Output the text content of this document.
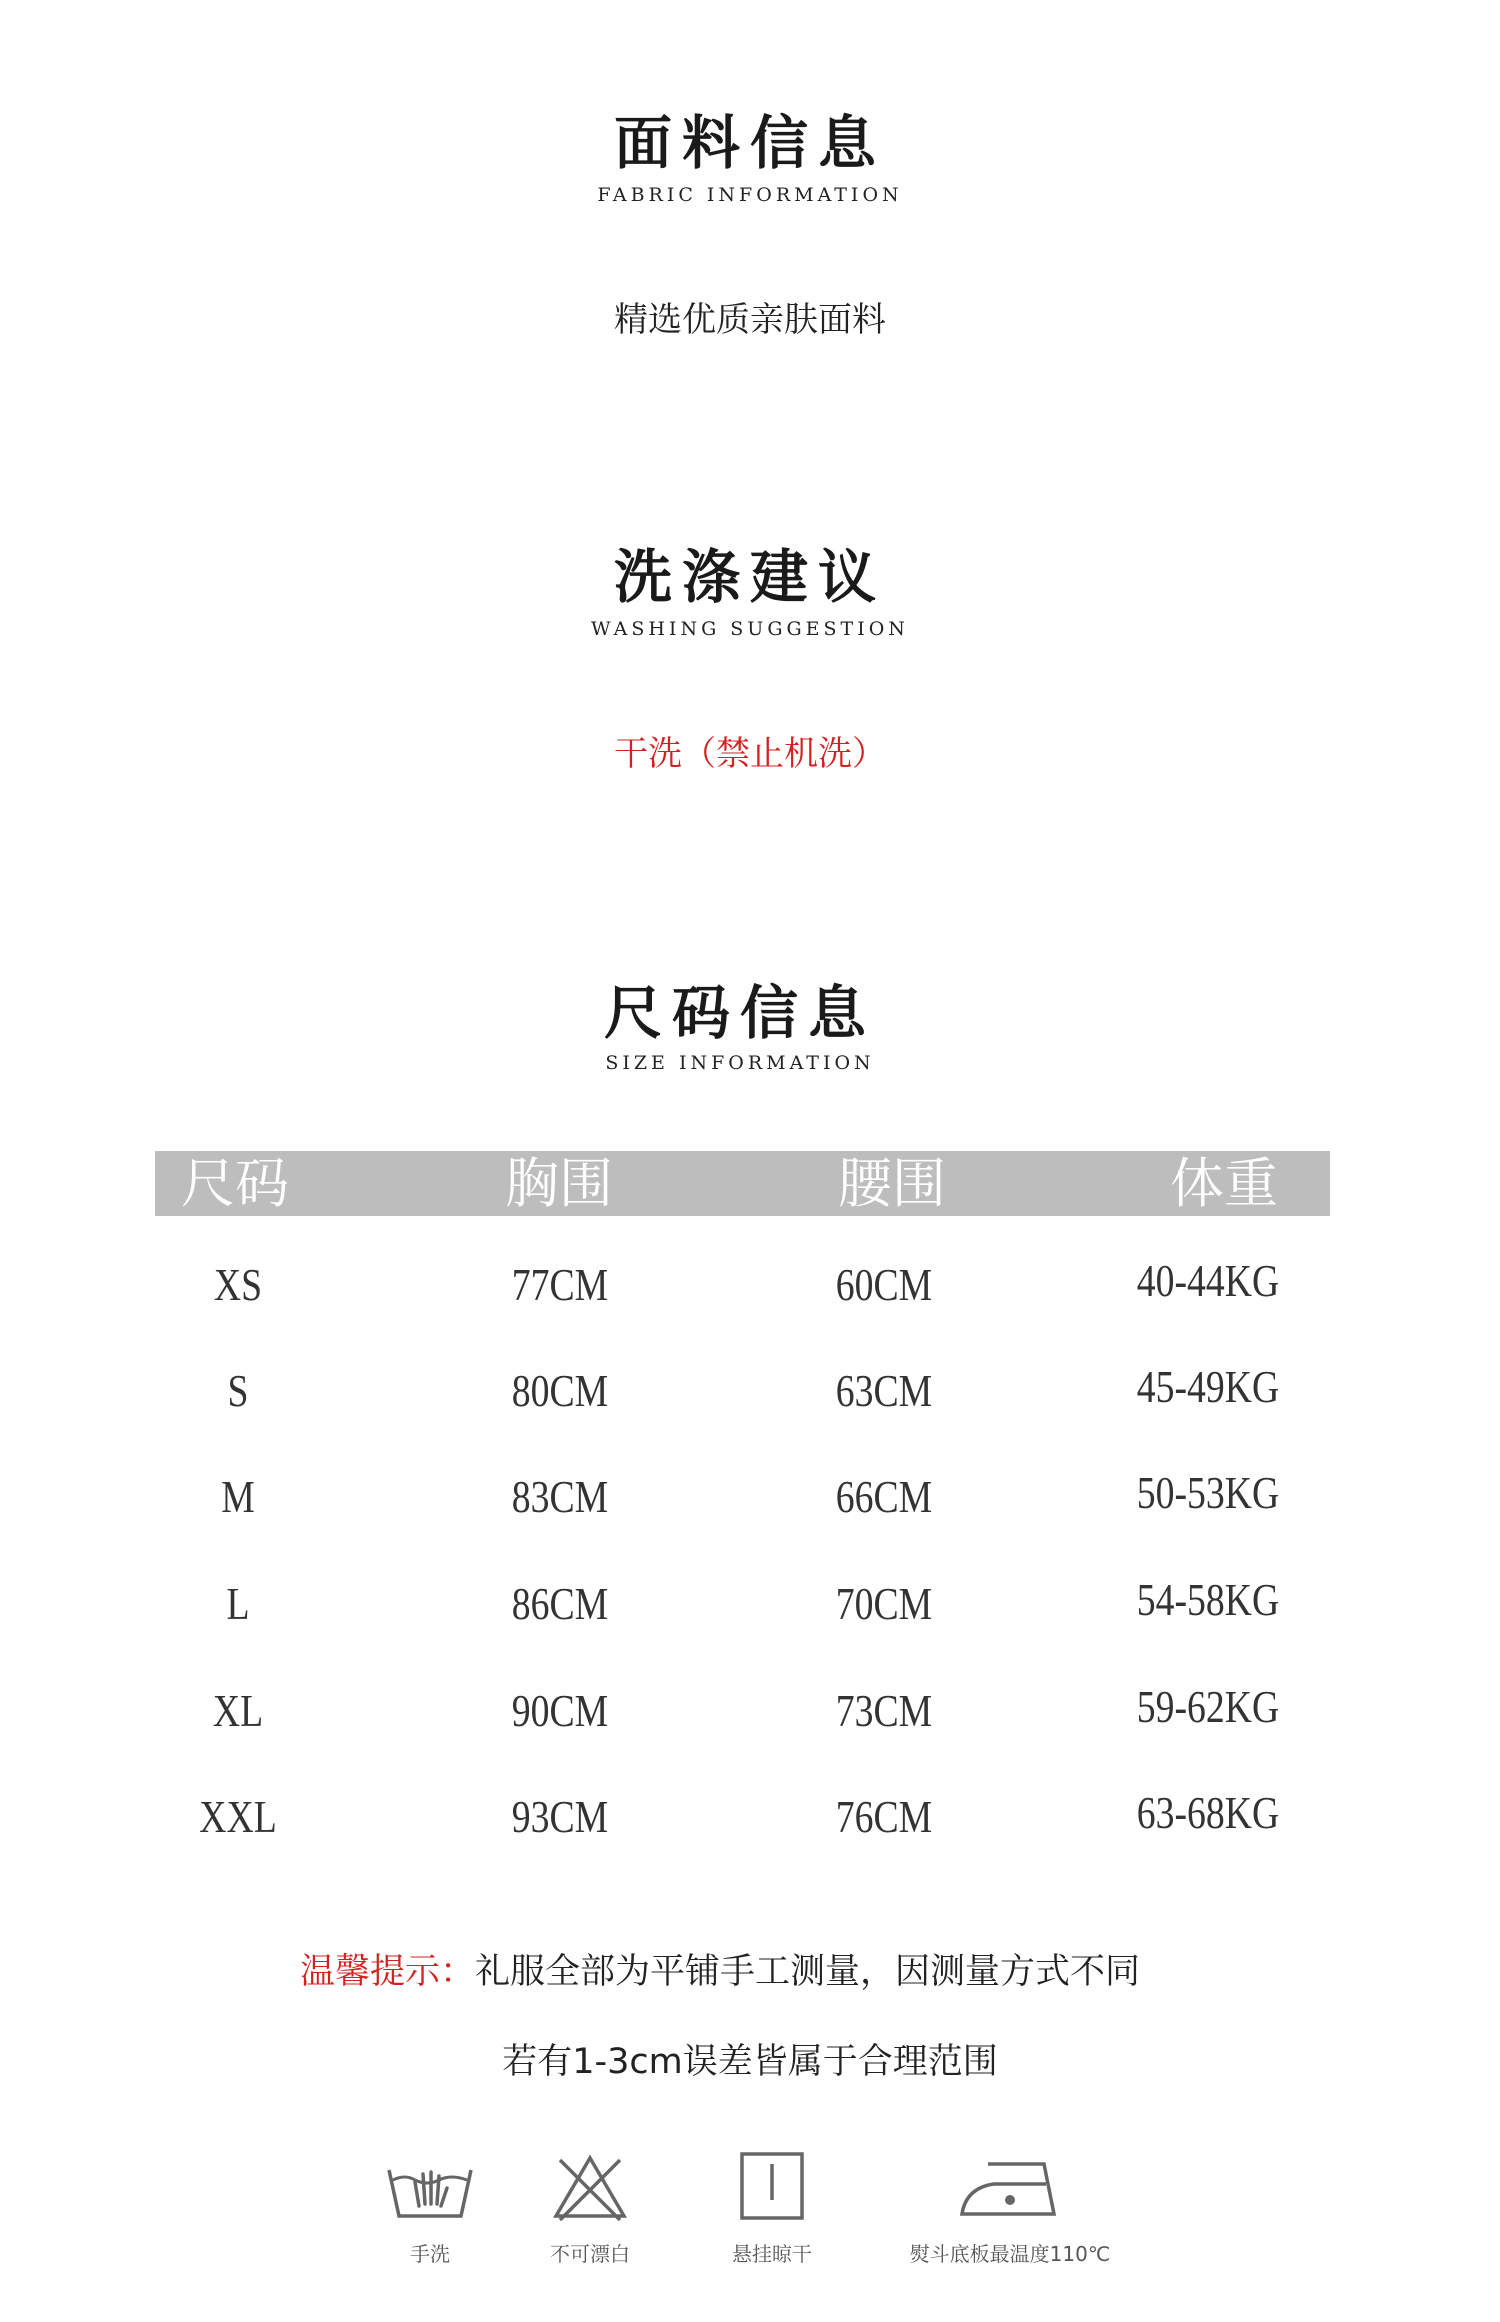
面料信息
FABRIC INFORMATION
精选优质亲肤面料
洗涤建议
WASHING SUGGESTION
干洗（禁止机洗）
尺码信息
SIZE INFORMATION
尺码	胸围	腰围	体重
XS	77CM	60CM	40-44KG
S	80CM	63CM	45-49KG
M	83CM	66CM	50-53KG
L	86CM	70CM	54-58KG
XL	90CM	73CM	59-62KG
XXL	93CM	76CM	63-68KG
温馨提示：礼服全部为平铺手工测量，因测量方式不同
若有1-3cm误差皆属于合理范围
手洗	不可漂白	悬挂晾干	熨斗底板最温度110℃
